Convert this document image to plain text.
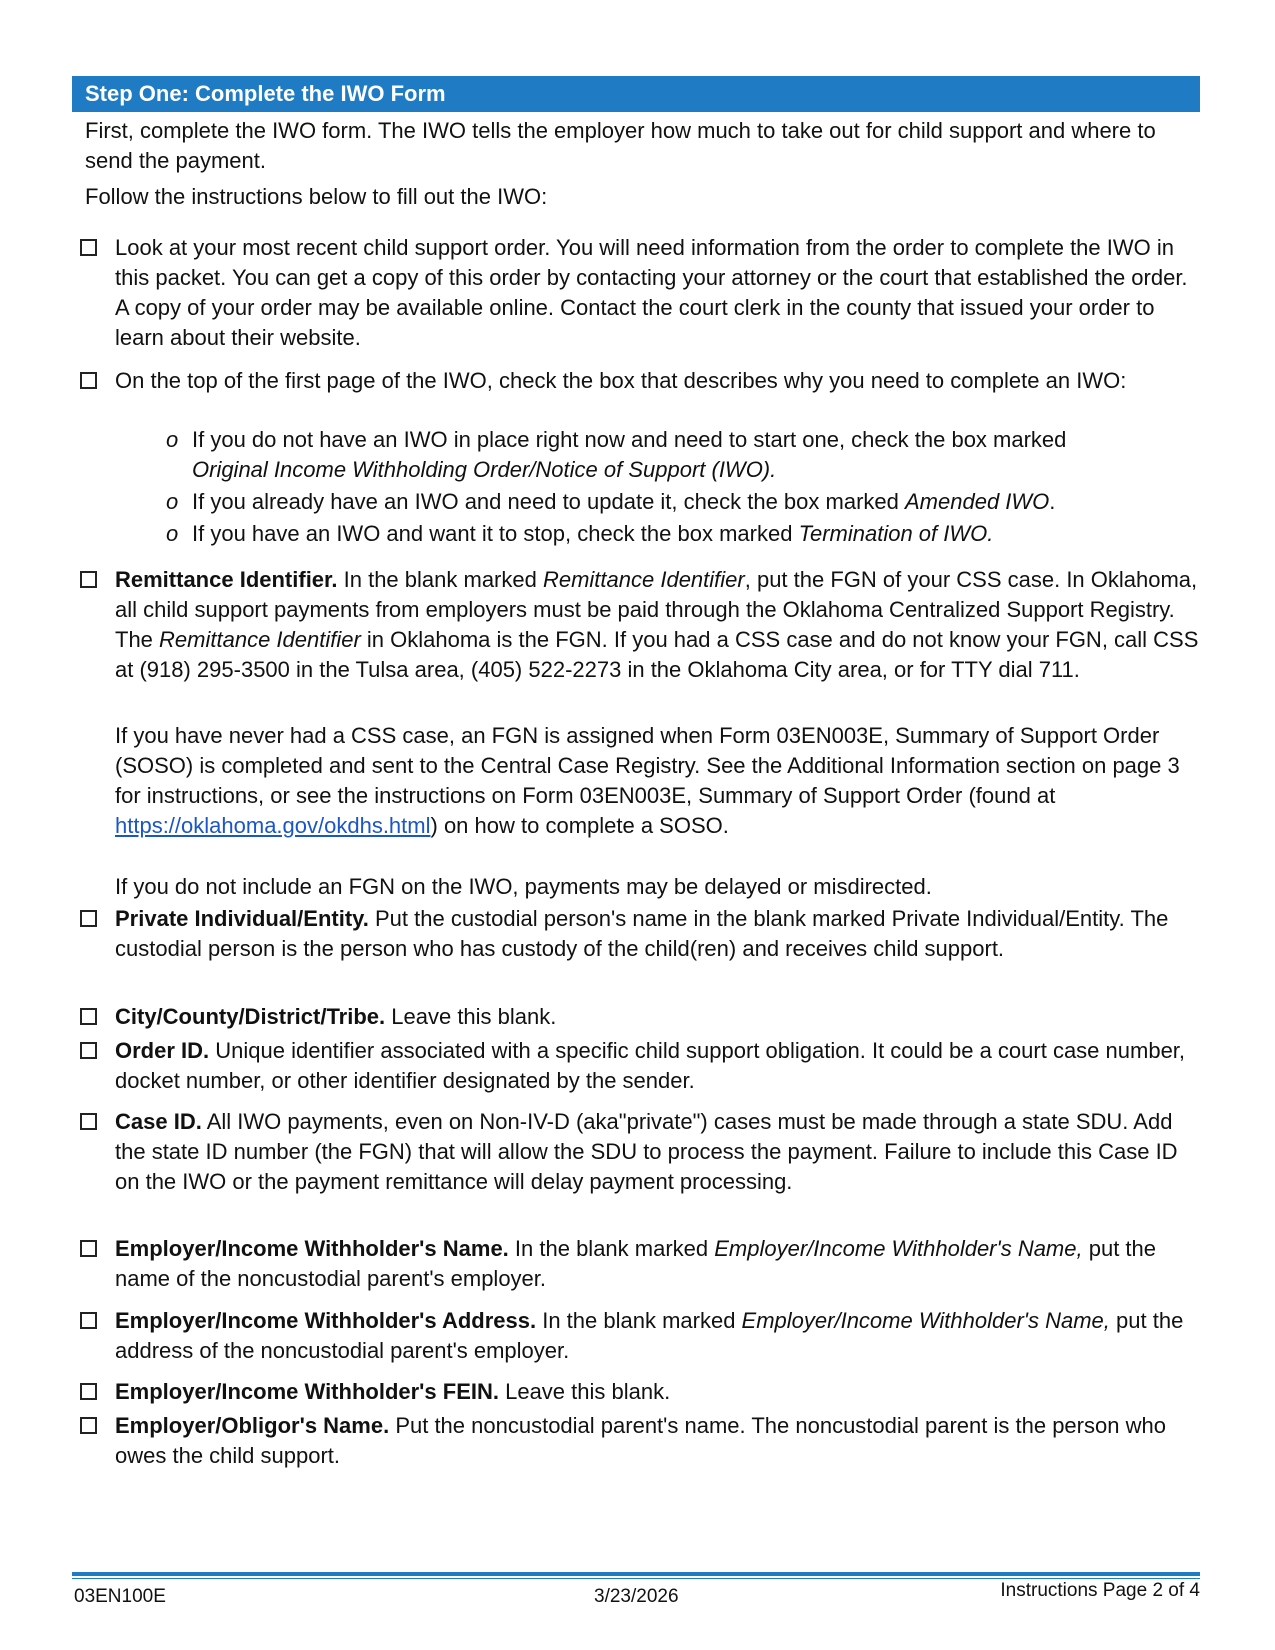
Step One: Complete the IWO Form
First, complete the IWO form. The IWO tells the employer how much to take out for child support and where to send the payment.
Follow the instructions below to fill out the IWO:
Look at your most recent child support order. You will need information from the order to complete the IWO in this packet. You can get a copy of this order by contacting your attorney or the court that established the order. A copy of your order may be available online. Contact the court clerk in the county that issued your order to learn about their website.
On the top of the first page of the IWO, check the box that describes why you need to complete an IWO:
o If you do not have an IWO in place right now and need to start one, check the box marked
Original Income Withholding Order/Notice of Support (IWO).
o If you already have an IWO and need to update it, check the box marked Amended IWO.
o If you have an IWO and want it to stop, check the box marked Termination of IWO.
Remittance Identifier. In the blank marked Remittance Identifier, put the FGN of your CSS case. In Oklahoma, all child support payments from employers must be paid through the Oklahoma Centralized Support Registry. The Remittance Identifier in Oklahoma is the FGN. If you had a CSS case and do not know your FGN, call CSS at (918) 295-3500 in the Tulsa area, (405) 522-2273 in the Oklahoma City area, or for TTY dial 711.
If you have never had a CSS case, an FGN is assigned when Form 03EN003E, Summary of Support Order (SOSO) is completed and sent to the Central Case Registry. See the Additional Information section on page 3 for instructions, or see the instructions on Form 03EN003E, Summary of Support Order (found at https://oklahoma.gov/okdhs.html) on how to complete a SOSO.
If you do not include an FGN on the IWO, payments may be delayed or misdirected.
Private Individual/Entity. Put the custodial person's name in the blank marked Private Individual/Entity. The custodial person is the person who has custody of the child(ren) and receives child support.
City/County/District/Tribe. Leave this blank.
Order ID. Unique identifier associated with a specific child support obligation. It could be a court case number, docket number, or other identifier designated by the sender.
Case ID. All IWO payments, even on Non-IV-D (aka"private") cases must be made through a state SDU. Add the state ID number (the FGN) that will allow the SDU to process the payment. Failure to include this Case ID on the IWO or the payment remittance will delay payment processing.
Employer/Income Withholder's Name. In the blank marked Employer/Income Withholder's Name, put the name of the noncustodial parent's employer.
Employer/Income Withholder's Address. In the blank marked Employer/Income Withholder's Name, put the address of the noncustodial parent's employer.
Employer/Income Withholder's FEIN. Leave this blank.
Employer/Obligor's Name. Put the noncustodial parent's name. The noncustodial parent is the person who owes the child support.
03EN100E	3/23/2026	Instructions Page 2 of 4
